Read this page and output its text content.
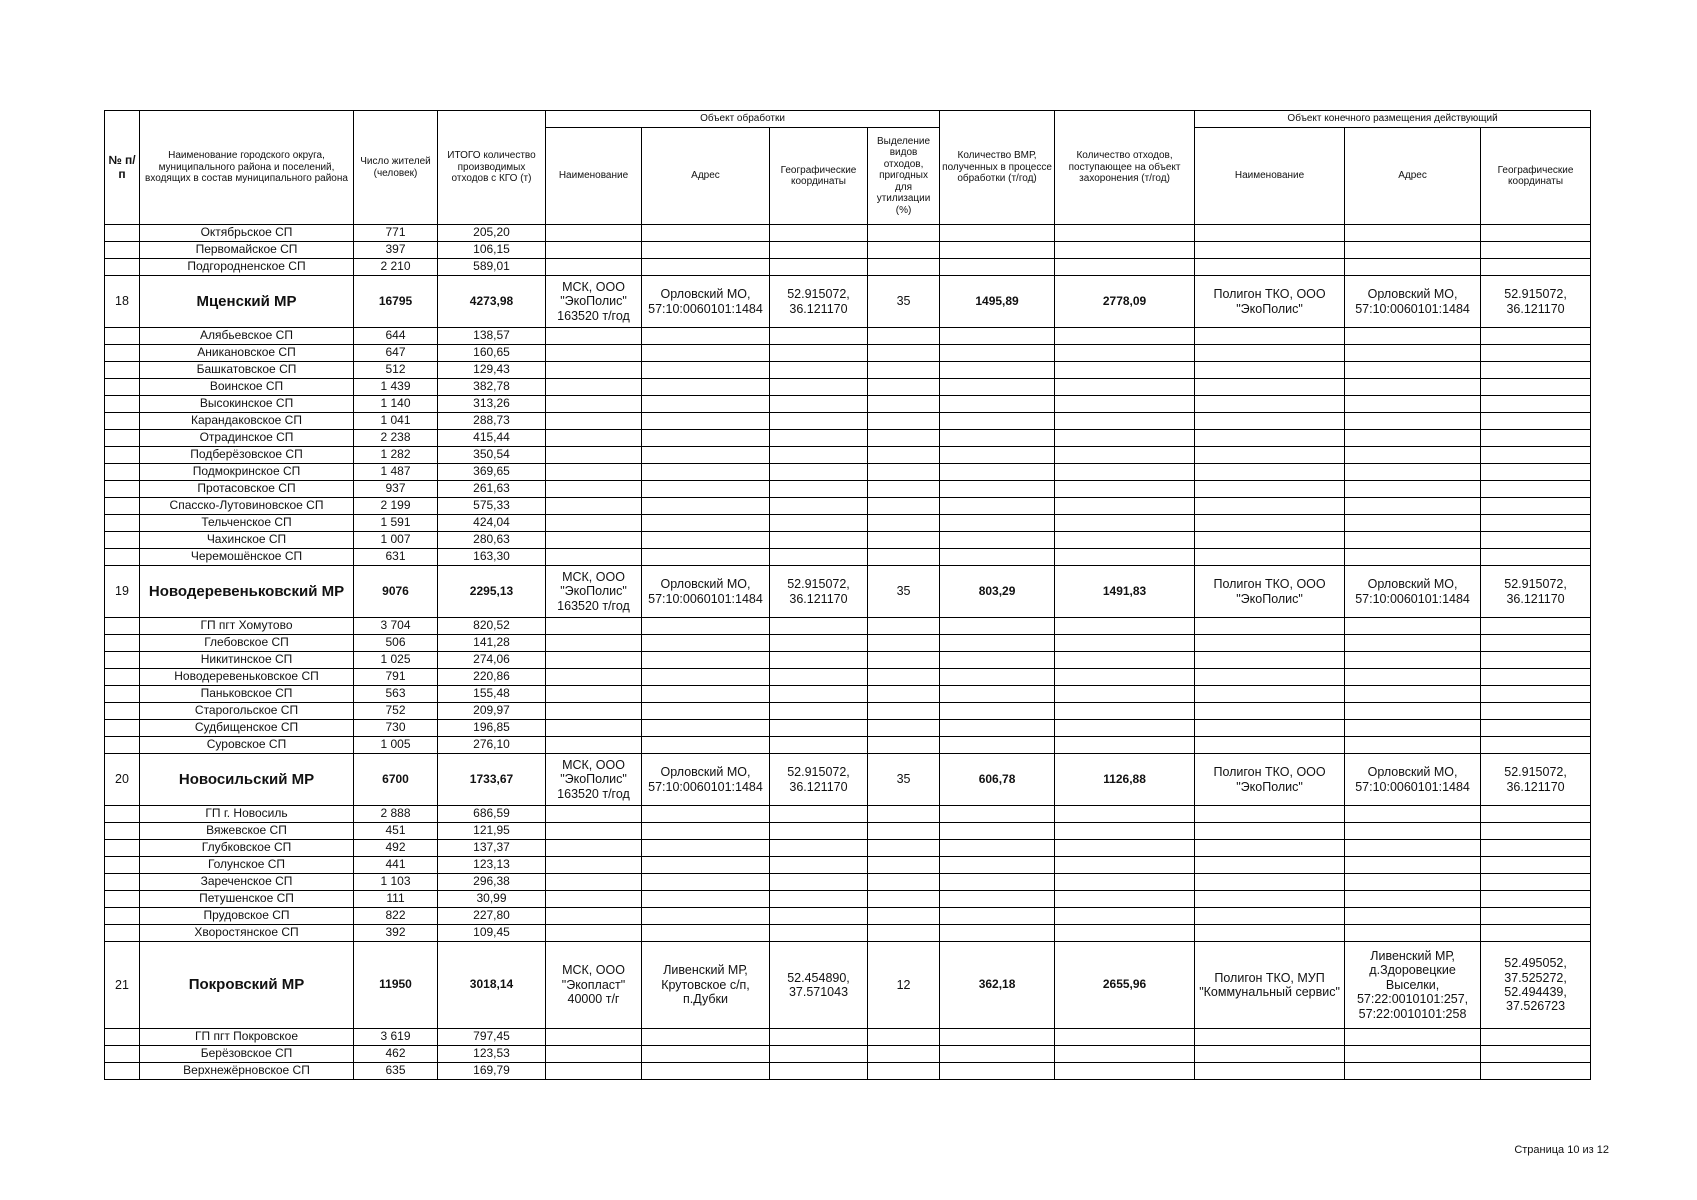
№ п/п	Наименование городского округа, муниципального района и поселений, входящих в состав муниципального района	Число жителей (человек)	ИТОГО количество производимых отходов с КГО (т)	Объект обработки				Количество ВМР, полученных в процессе обработки (т/год)	Количество отходов, поступающее на объект захоронения (т/год)	Объект конечного размещения действующий		
				Наименование	Адрес	Географические координаты	Выделение видов отходов, пригодных для утилизации (%)			Наименование	Адрес	Географические координаты
	Октябрьское СП	771	205,20									
	Первомайское СП	397	106,15									
	Подгородненское СП	2 210	589,01									
18	Мценский МР	16795	4273,98	МСК, ООО "ЭкоПолис" 163520 т/год	Орловский МО, 57:10:0060101:1484	52.915072, 36.121170	35	1495,89	2778,09	Полигон ТКО, ООО "ЭкоПолис"	Орловский МО, 57:10:0060101:1484	52.915072, 36.121170
	Алябьевское СП	644	138,57									
	Аникановское СП	647	160,65									
	Башкатовское СП	512	129,43									
	Воинское СП	1 439	382,78									
	Высокинское СП	1 140	313,26									
	Карандаковское СП	1 041	288,73									
	Отрадинское СП	2 238	415,44									
	Подберёзовское СП	1 282	350,54									
	Подмокринское СП	1 487	369,65									
	Протасовское СП	937	261,63									
	Спасско-Лутовиновское СП	2 199	575,33									
	Тельченское СП	1 591	424,04									
	Чахинское СП	1 007	280,63									
	Черемошёнское СП	631	163,30									
19	Новодеревеньковский МР	9076	2295,13	МСК, ООО "ЭкоПолис" 163520 т/год	Орловский МО, 57:10:0060101:1484	52.915072, 36.121170	35	803,29	1491,83	Полигон ТКО, ООО "ЭкоПолис"	Орловский МО, 57:10:0060101:1484	52.915072, 36.121170
	ГП пгт Хомутово	3 704	820,52									
	Глебовское СП	506	141,28									
	Никитинское СП	1 025	274,06									
	Новодеревеньковское СП	791	220,86									
	Паньковское СП	563	155,48									
	Старогольское СП	752	209,97									
	Судбищенское СП	730	196,85									
	Суровское СП	1 005	276,10									
20	Новосильский МР	6700	1733,67	МСК, ООО "ЭкоПолис" 163520 т/год	Орловский МО, 57:10:0060101:1484	52.915072, 36.121170	35	606,78	1126,88	Полигон ТКО, ООО "ЭкоПолис"	Орловский МО, 57:10:0060101:1484	52.915072, 36.121170
	ГП г. Новосиль	2 888	686,59									
	Вяжевское СП	451	121,95									
	Глубковское СП	492	137,37									
	Голунское СП	441	123,13									
	Зареченское СП	1 103	296,38									
	Петушенское СП	111	30,99									
	Прудовское СП	822	227,80									
	Хворостянское СП	392	109,45									
21	Покровский МР	11950	3018,14	МСК, ООО "Экопласт" 40000 т/г	Ливенский МР, Крутовское с/п, п.Дубки	52.454890, 37.571043	12	362,18	2655,96	Полигон ТКО, МУП "Коммунальный сервис"	Ливенский МР, д.Здоровецкие Выселки, 57:22:0010101:257, 57:22:0010101:258	52.495052, 37.525272, 52.494439, 37.526723
	ГП пгт Покровское	3 619	797,45									
	Берёзовское СП	462	123,53									
	Верхнежёрновское СП	635	169,79									
Страница 10 из 12
